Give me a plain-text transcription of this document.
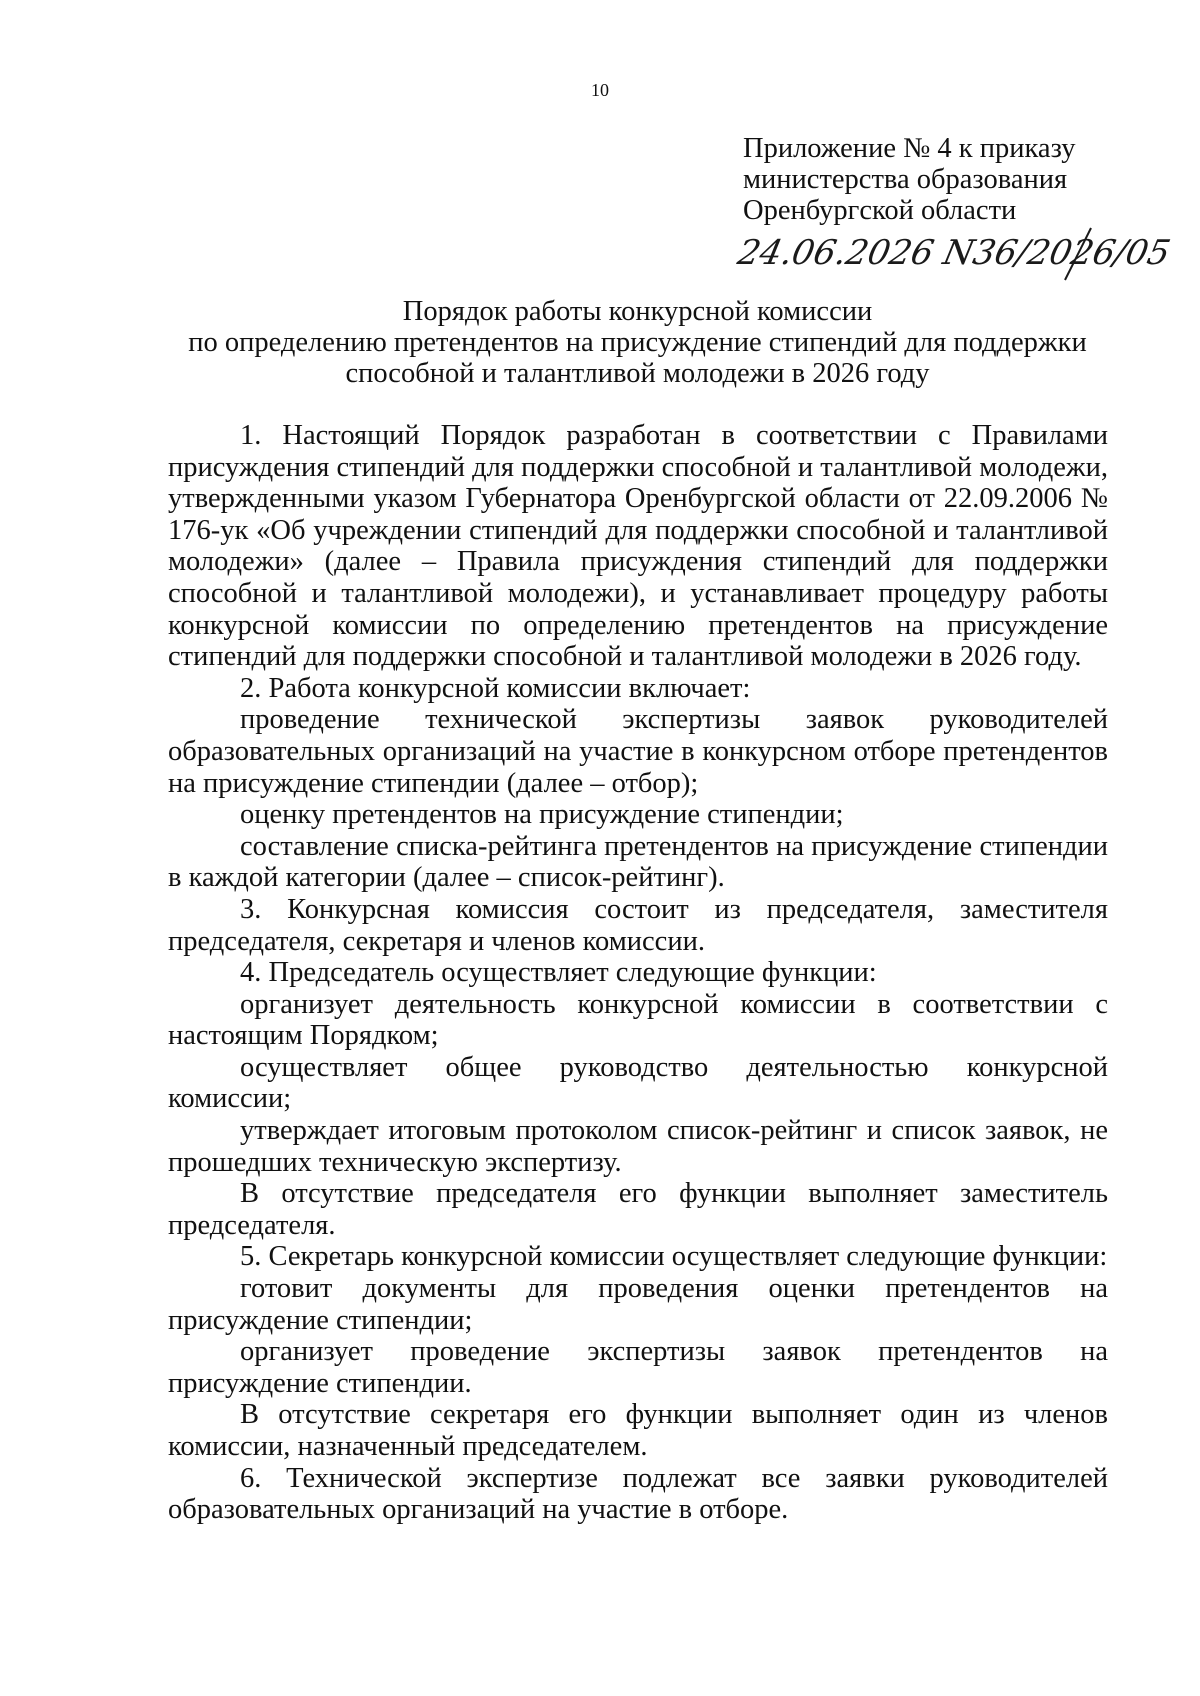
10
Приложение № 4 к приказу
министерства образования
Оренбургской области
24.06.2026 N36/2026/05
Порядок работы конкурсной комиссии
по определению претендентов на присуждение стипендий для поддержки
способной и талантливой молодежи в 2026 году

1. Настоящий Порядок разработан в соответствии с Правилами присуждения стипендий для поддержки способной и талантливой молодежи, утвержденными указом Губернатора Оренбургской области от 22.09.2006 № 176-ук «Об учреждении стипендий для поддержки способной и талантливой молодежи» (далее – Правила присуждения стипендий для поддержки способной и талантливой молодежи), и устанавливает процедуру работы конкурсной комиссии по определению претендентов на присуждение стипендий для поддержки способной и талантливой молодежи в 2026 году.

2. Работа конкурсной комиссии включает:

проведение технической экспертизы заявок руководителей образовательных организаций на участие в конкурсном отборе претендентов на присуждение стипендии (далее – отбор);

оценку претендентов на присуждение стипендии;

составление списка-рейтинга претендентов на присуждение стипендии в каждой категории (далее – список-рейтинг).

3. Конкурсная комиссия состоит из председателя, заместителя председателя, секретаря и членов комиссии.

4. Председатель осуществляет следующие функции:

организует деятельность конкурсной комиссии в соответствии с настоящим Порядком;

осуществляет общее руководство деятельностью конкурсной комиссии;

утверждает итоговым протоколом список-рейтинг и список заявок, не прошедших техническую экспертизу.

В отсутствие председателя его функции выполняет заместитель председателя.

5. Секретарь конкурсной комиссии осуществляет следующие функции:

готовит документы для проведения оценки претендентов на присуждение стипендии;

организует проведение экспертизы заявок претендентов на присуждение стипендии.

В отсутствие секретаря его функции выполняет один из членов комиссии, назначенный председателем.

6. Технической экспертизе подлежат все заявки руководителей образовательных организаций на участие в отборе.
